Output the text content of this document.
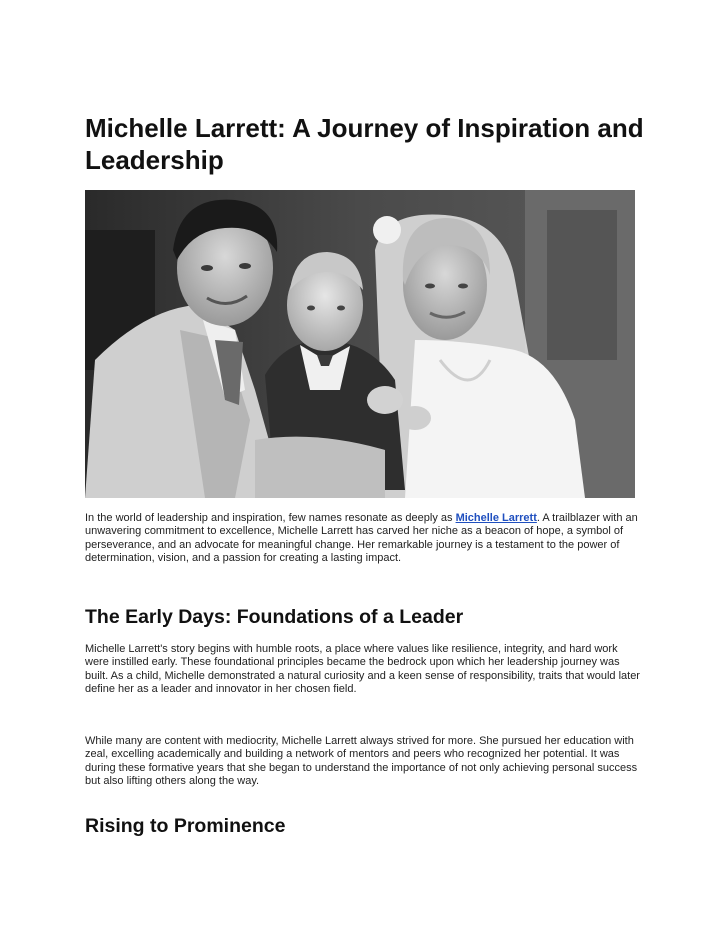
Michelle Larrett: A Journey of Inspiration and Leadership

In the world of leadership and inspiration, few names resonate as deeply as Michelle Larrett. A trailblazer with an unwavering commitment to excellence, Michelle Larrett has carved her niche as a beacon of hope, a symbol of perseverance, and an advocate for meaningful change. Her remarkable journey is a testament to the power of determination, vision, and a passion for creating a lasting impact.

The Early Days: Foundations of a Leader

Michelle Larrett's story begins with humble roots, a place where values like resilience, integrity, and hard work were instilled early. These foundational principles became the bedrock upon which her leadership journey was built. As a child, Michelle demonstrated a natural curiosity and a keen sense of responsibility, traits that would later define her as a leader and innovator in her chosen field.

While many are content with mediocrity, Michelle Larrett always strived for more. She pursued her education with zeal, excelling academically and building a network of mentors and peers who recognized her potential. It was during these formative years that she began to understand the importance of not only achieving personal success but also lifting others along the way.

Rising to Prominence
